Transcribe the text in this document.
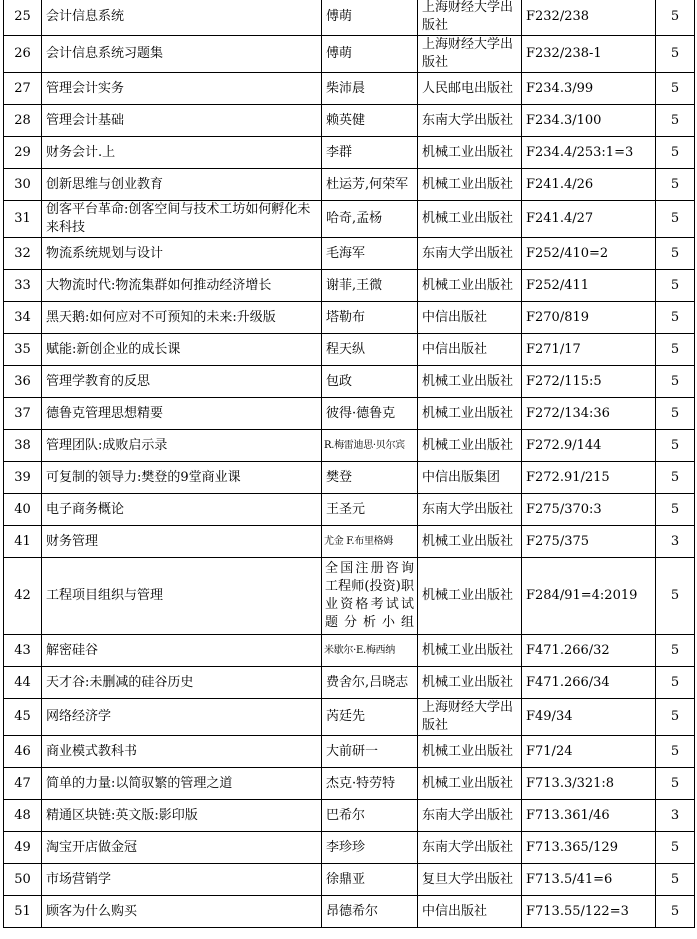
25	会计信息系统	傅萌	上海财经大学出版社	F232/238	5
26	会计信息系统习题集	傅萌	上海财经大学出版社	F232/238-1	5
27	管理会计实务	柴沛晨	人民邮电出版社	F234.3/99	5
28	管理会计基础	赖英健	东南大学出版社	F234.3/100	5
29	财务会计.上	李群	机械工业出版社	F234.4/253:1=3	5
30	创新思维与创业教育	杜运芳,何荣军	机械工业出版社	F241.4/26	5
31	创客平台革命:创客空间与技术工坊如何孵化未来科技	哈奇,孟杨	机械工业出版社	F241.4/27	5
32	物流系统规划与设计	毛海军	东南大学出版社	F252/410=2	5
33	大物流时代:物流集群如何推动经济增长	谢菲,王微	机械工业出版社	F252/411	5
34	黑天鹅:如何应对不可预知的未来:升级版	塔勒布	中信出版社	F270/819	5
35	赋能:新创企业的成长课	程天纵	中信出版社	F271/17	5
36	管理学教育的反思	包政	机械工业出版社	F272/115:5	5
37	德鲁克管理思想精要	彼得·德鲁克	机械工业出版社	F272/134:36	5
38	管理团队:成败启示录	R.梅雷迪思·贝尔宾	机械工业出版社	F272.9/144	5
39	可复制的领导力:樊登的9堂商业课	樊登	中信出版集团	F272.91/215	5
40	电子商务概论	王圣元	东南大学出版社	F275/370:3	5
41	财务管理	尤金 F.布里格姆	机械工业出版社	F275/375	3
42	工程项目组织与管理	全国注册咨询工程师(投资)职业资格考试试题分析小组	机械工业出版社	F284/91=4:2019	5
43	解密硅谷	米歇尔·E.梅西纳	机械工业出版社	F471.266/32	5
44	天才谷:未删减的硅谷历史	费舍尔,吕晓志	机械工业出版社	F471.266/34	5
45	网络经济学	芮廷先	上海财经大学出版社	F49/34	5
46	商业模式教科书	大前研一	机械工业出版社	F71/24	5
47	简单的力量:以简驭繁的管理之道	杰克·特劳特	机械工业出版社	F713.3/321:8	5
48	精通区块链:英文版:影印版	巴希尔	东南大学出版社	F713.361/46	3
49	淘宝开店做金冠	李珍珍	东南大学出版社	F713.365/129	5
50	市场营销学	徐鼎亚	复旦大学出版社	F713.5/41=6	5
51	顾客为什么购买	昂德希尔	中信出版社	F713.55/122=3	5
